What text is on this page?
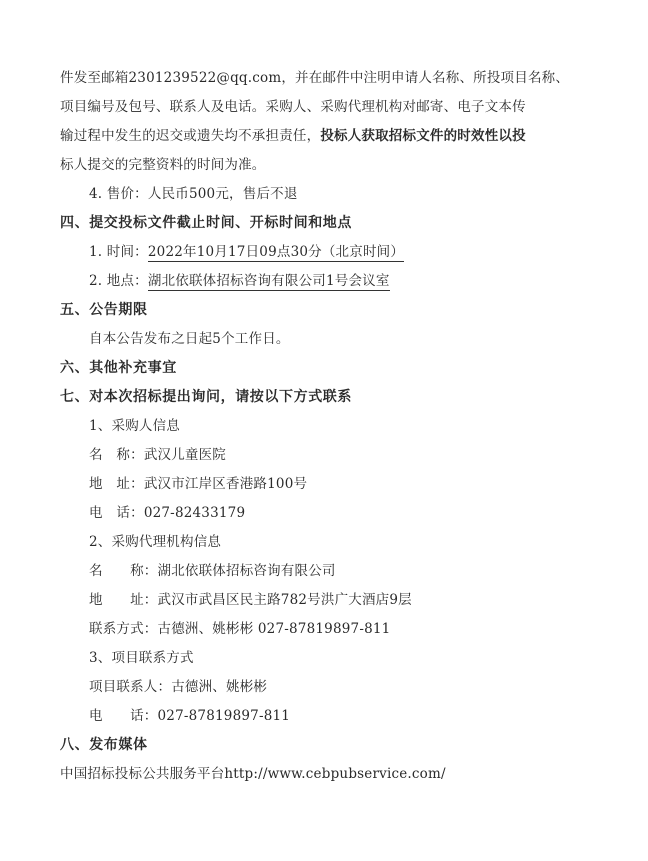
件发至邮箱2301239522@qq.com，并在邮件中注明申请人名称、所投项目名称、
项目编号及包号、联系人及电话。采购人、采购代理机构对邮寄、电子文本传
输过程中发生的迟交或遗失均不承担责任，投标人获取招标文件的时效性以投
标人提交的完整资料的时间为准。
4. 售价：人民币500元，售后不退
四、提交投标文件截止时间、开标时间和地点
1. 时间：2022年10月17日09点30分（北京时间）
2. 地点：湖北依联体招标咨询有限公司1号会议室
五、公告期限
自本公告发布之日起5个工作日。
六、其他补充事宜
七、对本次招标提出询问，请按以下方式联系
1、采购人信息
名　称：武汉儿童医院
地　址：武汉市江岸区香港路100号
电　话：027-82433179
2、采购代理机构信息
名　　称：湖北依联体招标咨询有限公司
地　　址：武汉市武昌区民主路782号洪广大酒店9层
联系方式：古德洲、姚彬彬 027-87819897-811
3、项目联系方式
项目联系人：古德洲、姚彬彬
电　　话：027-87819897-811
八、发布媒体
中国招标投标公共服务平台http://www.cebpubservice.com/
